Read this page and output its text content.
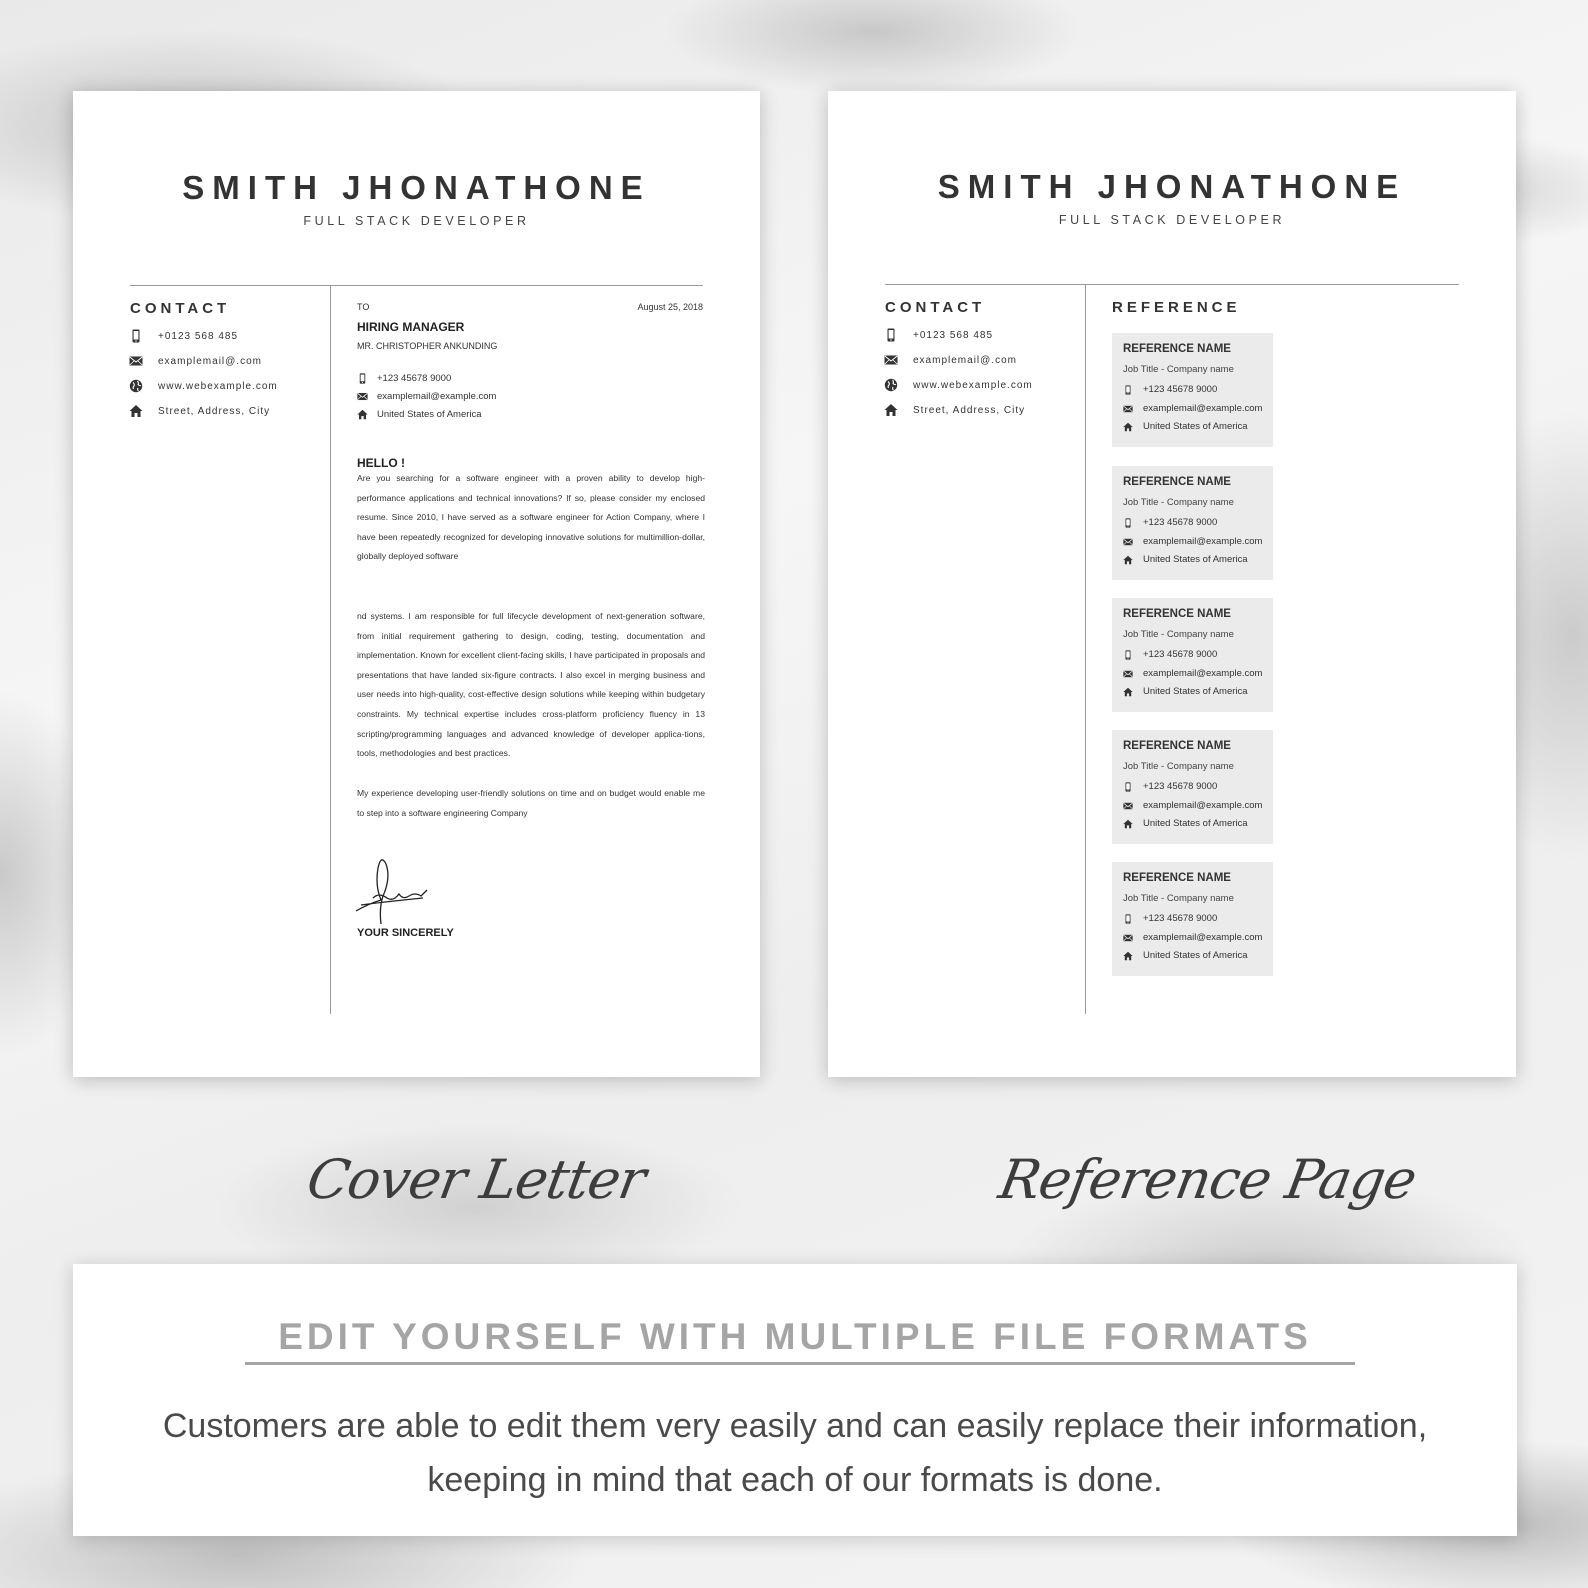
SMITH JHONATHONE
FULL STACK DEVELOPER
CONTACT
+0123 568 485
examplemail@.com
www.webexample.com
Street, Address, City
TO	August 25, 2018
HIRING MANAGER
MR. CHRISTOPHER ANKUNDING
+123 45678 9000
examplemail@example.com
United States of America
HELLO !
Are you searching for a software engineer with a proven ability to develop high-performance applications and technical innovations? If so, please consider my enclosed resume. Since 2010, I have served as a software engineer for Action Company, where I have been repeatedly recognized for developing innovative solutions for multimillion-dollar, globally deployed software
nd systems. I am responsible for full lifecycle development of next-generation software, from initial requirement gathering to design, coding, testing, documentation and implementation. Known for excellent client-facing skills, I have participated in proposals and presentations that have landed six-figure contracts. I also excel in merging business and user needs into high-quality, cost-effective design solutions while keeping within budgetary constraints. My technical expertise includes cross-platform proficiency fluency in 13 scripting/programming languages and advanced knowledge of developer applica-tions, tools, methodologies and best practices.
My experience developing user-friendly solutions on time and on budget would enable me to step into a software engineering Company
YOUR SINCERELY
SMITH JHONATHONE
FULL STACK DEVELOPER
CONTACT	REFERENCE
+0123 568 485
examplemail@.com
www.webexample.com
Street, Address, City
REFERENCE NAME
Job Title - Company name
+123 45678 9000
examplemail@example.com
United States of America
REFERENCE NAME
Job Title - Company name
+123 45678 9000
examplemail@example.com
United States of America
REFERENCE NAME
Job Title - Company name
+123 45678 9000
examplemail@example.com
United States of America
REFERENCE NAME
Job Title - Company name
+123 45678 9000
examplemail@example.com
United States of America
REFERENCE NAME
Job Title - Company name
+123 45678 9000
examplemail@example.com
United States of America
Cover Letter	Reference Page
EDIT YOURSELF WITH MULTIPLE FILE FORMATS
Customers are able to edit them very easily and can easily replace their information, keeping in mind that each of our formats is done.
